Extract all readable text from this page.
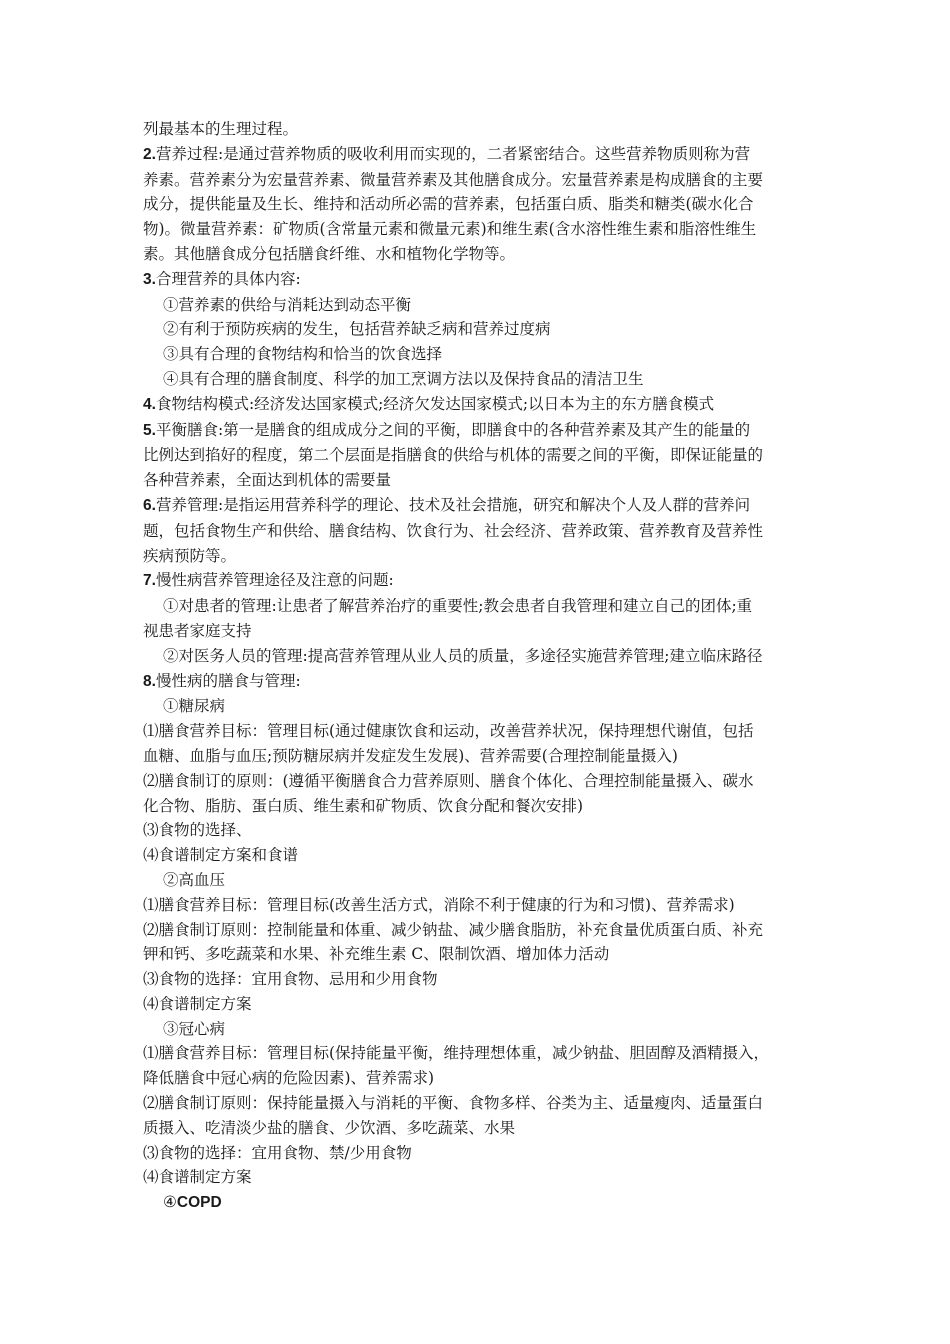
列最基本的生理过程。
2.营养过程:是通过营养物质的吸收利用而实现的，二者紧密结合。这些营养物质则称为营
养素。营养素分为宏量营养素、微量营养素及其他膳食成分。宏量营养素是构成膳食的主要
成分，提供能量及生长、维持和活动所必需的营养素，包括蛋白质、脂类和糖类(碳水化合
物)。微量营养素：矿物质(含常量元素和微量元素)和维生素(含水溶性维生素和脂溶性维生
素。其他膳食成分包括膳食纤维、水和植物化学物等。
3.合理营养的具体内容:
①营养素的供给与消耗达到动态平衡
②有利于预防疾病的发生，包括营养缺乏病和营养过度病
③具有合理的食物结构和恰当的饮食选择
④具有合理的膳食制度、科学的加工烹调方法以及保持食品的清洁卫生
4.食物结构模式:经济发达国家模式;经济欠发达国家模式;以日本为主的东方膳食模式
5.平衡膳食:第一是膳食的组成成分之间的平衡，即膳食中的各种营养素及其产生的能量的
比例达到掐好的程度，第二个层面是指膳食的供给与机体的需要之间的平衡，即保证能量的
各种营养素，全面达到机体的需要量
6.营养管理:是指运用营养科学的理论、技术及社会措施，研究和解决个人及人群的营养问
题，包括食物生产和供给、膳食结构、饮食行为、社会经济、营养政策、营养教育及营养性
疾病预防等。
7.慢性病营养管理途径及注意的问题:
①对患者的管理:让患者了解营养治疗的重要性;教会患者自我管理和建立自己的团体;重
视患者家庭支持
②对医务人员的管理:提高营养管理从业人员的质量，多途径实施营养管理;建立临床路径
8.慢性病的膳食与管理:
①糖尿病
⑴膳食营养目标：管理目标(通过健康饮食和运动，改善营养状况，保持理想代谢值，包括
血糖、血脂与血压;预防糖尿病并发症发生发展)、营养需要(合理控制能量摄入)
⑵膳食制订的原则：(遵循平衡膳食合力营养原则、膳食个体化、合理控制能量摄入、碳水
化合物、脂肪、蛋白质、维生素和矿物质、饮食分配和餐次安排)
⑶食物的选择、
⑷食谱制定方案和食谱
②高血压
⑴膳食营养目标：管理目标(改善生活方式，消除不利于健康的行为和习惯)、营养需求)
⑵膳食制订原则：控制能量和体重、减少钠盐、减少膳食脂肪，补充食量优质蛋白质、补充
钾和钙、多吃蔬菜和水果、补充维生素 C、限制饮酒、增加体力活动
⑶食物的选择：宜用食物、忌用和少用食物
⑷食谱制定方案
③冠心病
⑴膳食营养目标：管理目标(保持能量平衡，维持理想体重，减少钠盐、胆固醇及酒精摄入，
降低膳食中冠心病的危险因素)、营养需求)
⑵膳食制订原则：保持能量摄入与消耗的平衡、食物多样、谷类为主、适量瘦肉、适量蛋白
质摄入、吃清淡少盐的膳食、少饮酒、多吃蔬菜、水果
⑶食物的选择：宜用食物、禁/少用食物
⑷食谱制定方案
④COPD
